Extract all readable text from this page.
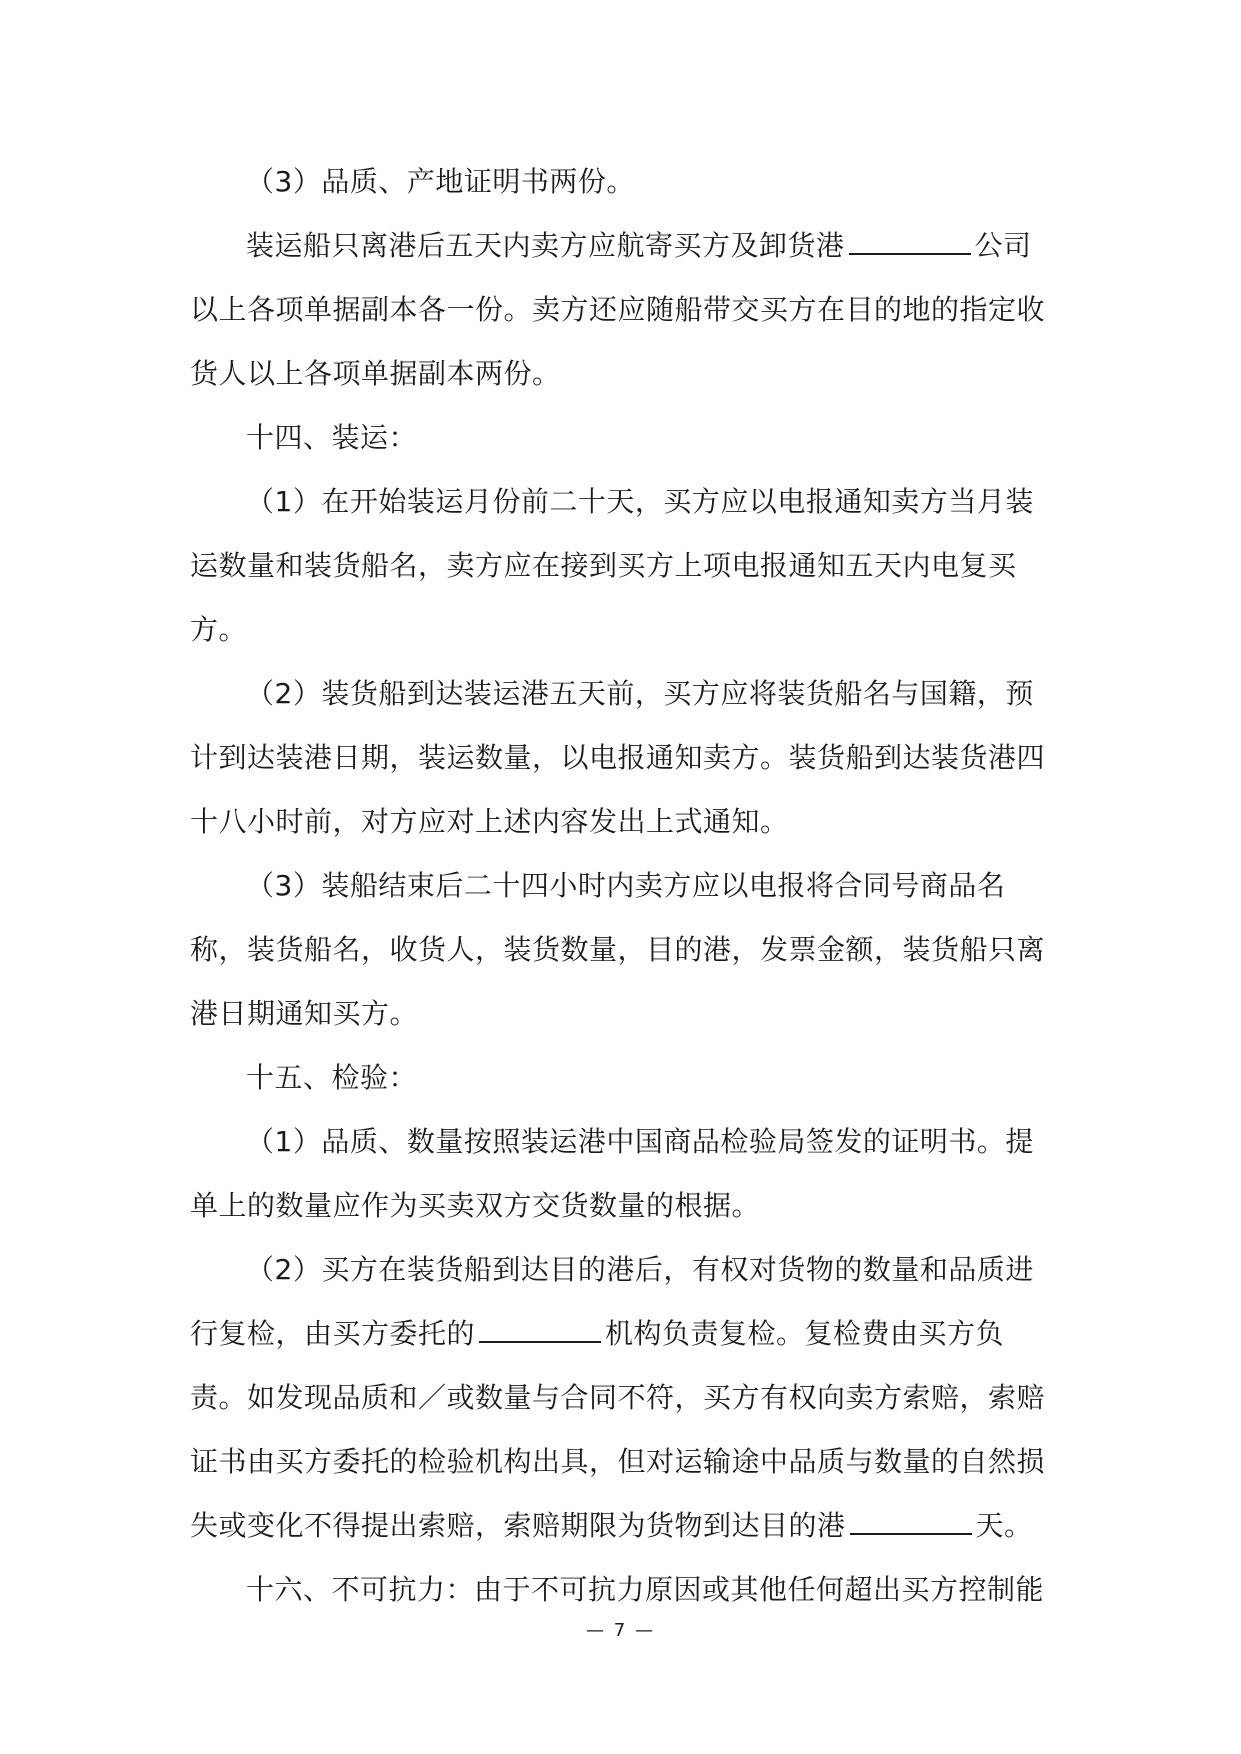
（3）品质、产地证明书两份。

装运船只离港后五天内卖方应航寄买方及卸货港	公司以上各项单据副本各一份。卖方还应随船带交买方在目的地的指定收货人以上各项单据副本两份。

十四、装运：

（1）在开始装运月份前二十天，买方应以电报通知卖方当月装运数量和装货船名，卖方应在接到买方上项电报通知五天内电复买方。

（2）装货船到达装运港五天前，买方应将装货船名与国籍，预计到达装港日期，装运数量，以电报通知卖方。装货船到达装货港四十八小时前，对方应对上述内容发出上式通知。

（3）装船结束后二十四小时内卖方应以电报将合同号商品名称，装货船名，收货人，装货数量，目的港，发票金额，装货船只离港日期通知买方。

十五、检验：

（1）品质、数量按照装运港中国商品检验局签发的证明书。提单上的数量应作为买卖双方交货数量的根据。

（2）买方在装货船到达目的港后，有权对货物的数量和品质进行复检，由买方委托的	机构负责复检。复检费由买方负责。如发现品质和／或数量与合同不符，买方有权向卖方索赔，索赔证书由买方委托的检验机构出具，但对运输途中品质与数量的自然损失或变化不得提出索赔，索赔期限为货物到达目的港	天。

十六、不可抗力：由于不可抗力原因或其他任何超出买方控制能

— 7 —
